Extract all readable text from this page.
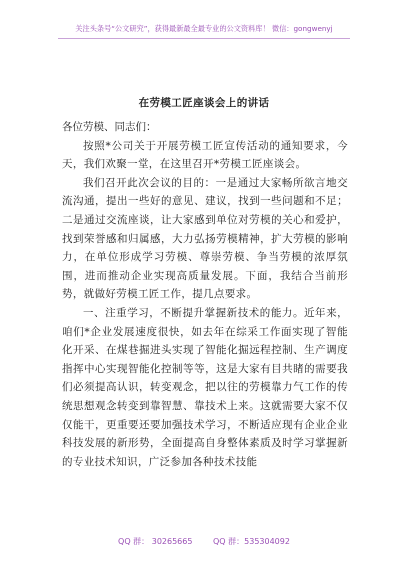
关注头条号“公文研究”，获得最新最全最专业的公文资料库！ 微信：gongwenyj
在劳模工匠座谈会上的讲话

各位劳模、同志们：

按照*公司关于开展劳模工匠宣传活动的通知要求，今天，我们欢聚一堂，在这里召开*劳模工匠座谈会。

我们召开此次会议的目的：一是通过大家畅所欲言地交流沟通，提出一些好的意见、建议，找到一些问题和不足；二是通过交流座谈，让大家感到单位对劳模的关心和爱护，找到荣誉感和归属感，大力弘扬劳模精神，扩大劳模的影响力，在单位形成学习劳模、尊崇劳模、争当劳模的浓厚氛围，进而推动企业实现高质量发展。下面，我结合当前形势，就做好劳模工匠工作，提几点要求。

一、注重学习，不断提升掌握新技术的能力。近年来，咱们*企业发展速度很快，如去年在综采工作面实现了智能化开采、在煤巷掘进头实现了智能化掘远程控制、生产调度指挥中心实现智能化控制等等，这是大家有目共睹的需要我们必须提高认识，转变观念，把以往的劳模靠力气工作的传统思想观念转变到靠智慧、靠技术上来。这就需要大家不仅仅能干，更重要还要加强技术学习，不断适应现有企业企业科技发展的新形势，全面提高自身整体素质及时学习掌握新的专业技术知识，广泛参加各种技术技能

QQ 群： 30265665	QQ 群：535304092
